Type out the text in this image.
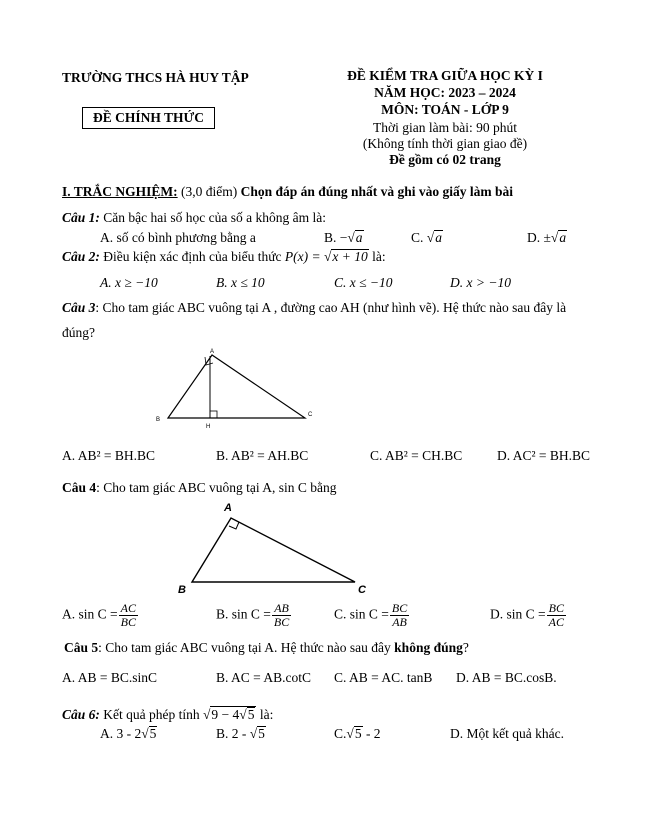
TRƯỜNG THCS HÀ HUY TẬP
ĐỀ CHÍNH THỨC
ĐỀ KIỂM TRA GIỮA HỌC KỲ I
NĂM HỌC: 2023 – 2024
MÔN: TOÁN - LỚP 9
Thời gian làm bài: 90 phút
(Không tính thời gian giao đề)
Đề gồm có 02 trang
I. TRẮC NGHIỆM: (3,0 điểm) Chọn đáp án đúng nhất và ghi vào giấy làm bài
Câu 1: Căn bậc hai số học của số a không âm là:
A. số có bình phương bằng a	B. −√a	C. √a	D. ±√a
Câu 2: Điều kiện xác định của biểu thức P(x) = √x + 10 là:
A. x ≥ −10	B. x ≤ 10	C. x ≤ −10	D. x > −10
Câu 3: Cho tam giác ABC vuông tại A , đường cao AH (như hình vẽ). Hệ thức nào sau đây là
đúng?
A
B
C
H
A. AB² = BH.BC	B. AB² = AH.BC	C. AB² = CH.BC	D. AC² = BH.BC
Câu 4: Cho tam giác ABC vuông tại A, sin C bằng
A
B	C
A. $\sin C = \frac{AC}{BC}$	B. $\sin C = \frac{AB}{BC}$	C. $\sin C = \frac{BC}{AB}$	D. $\sin C = \frac{BC}{AC}$
Câu 5: Cho tam giác ABC vuông tại A. Hệ thức nào sau đây không đúng?
A. AB = BC.sinC	B. AC = AB.cotC C. AB = AC. tanB D. AB = BC.cosB.
Câu 6: Kết quả phép tính √9 − 4√5 là:
A. 3 - 2√5	B. 2 - √5	C.√5 - 2	D. Một kết quả khác.
